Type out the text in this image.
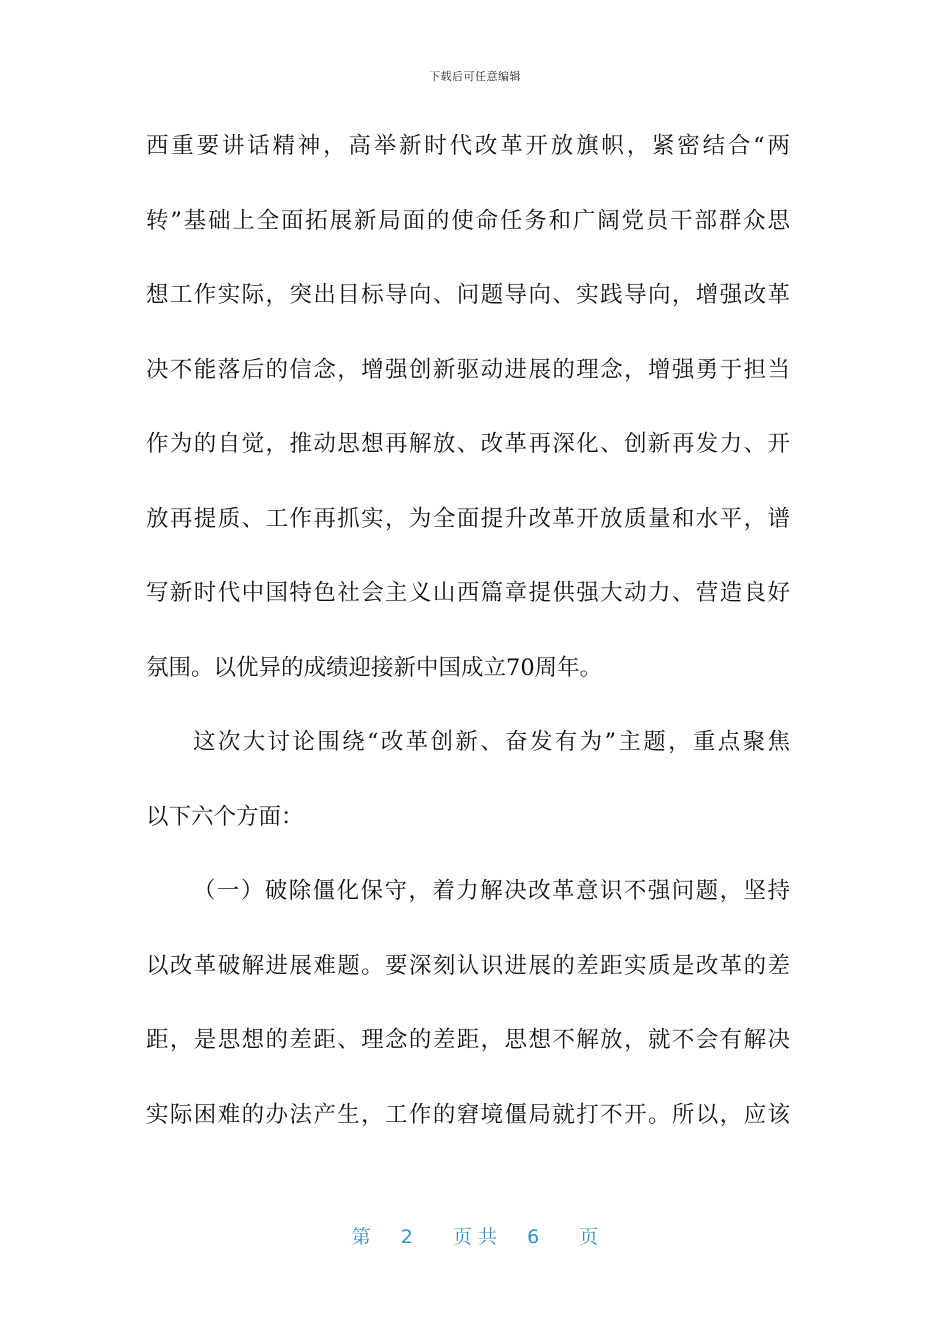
下载后可任意编辑
西重要讲话精神，高举新时代改革开放旗帜，紧密结合“两
转”基础上全面拓展新局面的使命任务和广阔党员干部群众思
想工作实际，突出目标导向、问题导向、实践导向，增强改革
决不能落后的信念，增强创新驱动进展的理念，增强勇于担当
作为的自觉，推动思想再解放、改革再深化、创新再发力、开
放再提质、工作再抓实，为全面提升改革开放质量和水平，谱
写新时代中国特色社会主义山西篇章提供强大动力、营造良好
氛围。以优异的成绩迎接新中国成立70周年。
这次大讨论围绕“改革创新、奋发有为”主题，重点聚焦
以下六个方面：
（一）破除僵化保守，着力解决改革意识不强问题，坚持
以改革破解进展难题。要深刻认识进展的差距实质是改革的差
距，是思想的差距、理念的差距，思想不解放，就不会有解决
实际困难的办法产生，工作的窘境僵局就打不开。所以，应该
第 2 页 共 6 页
